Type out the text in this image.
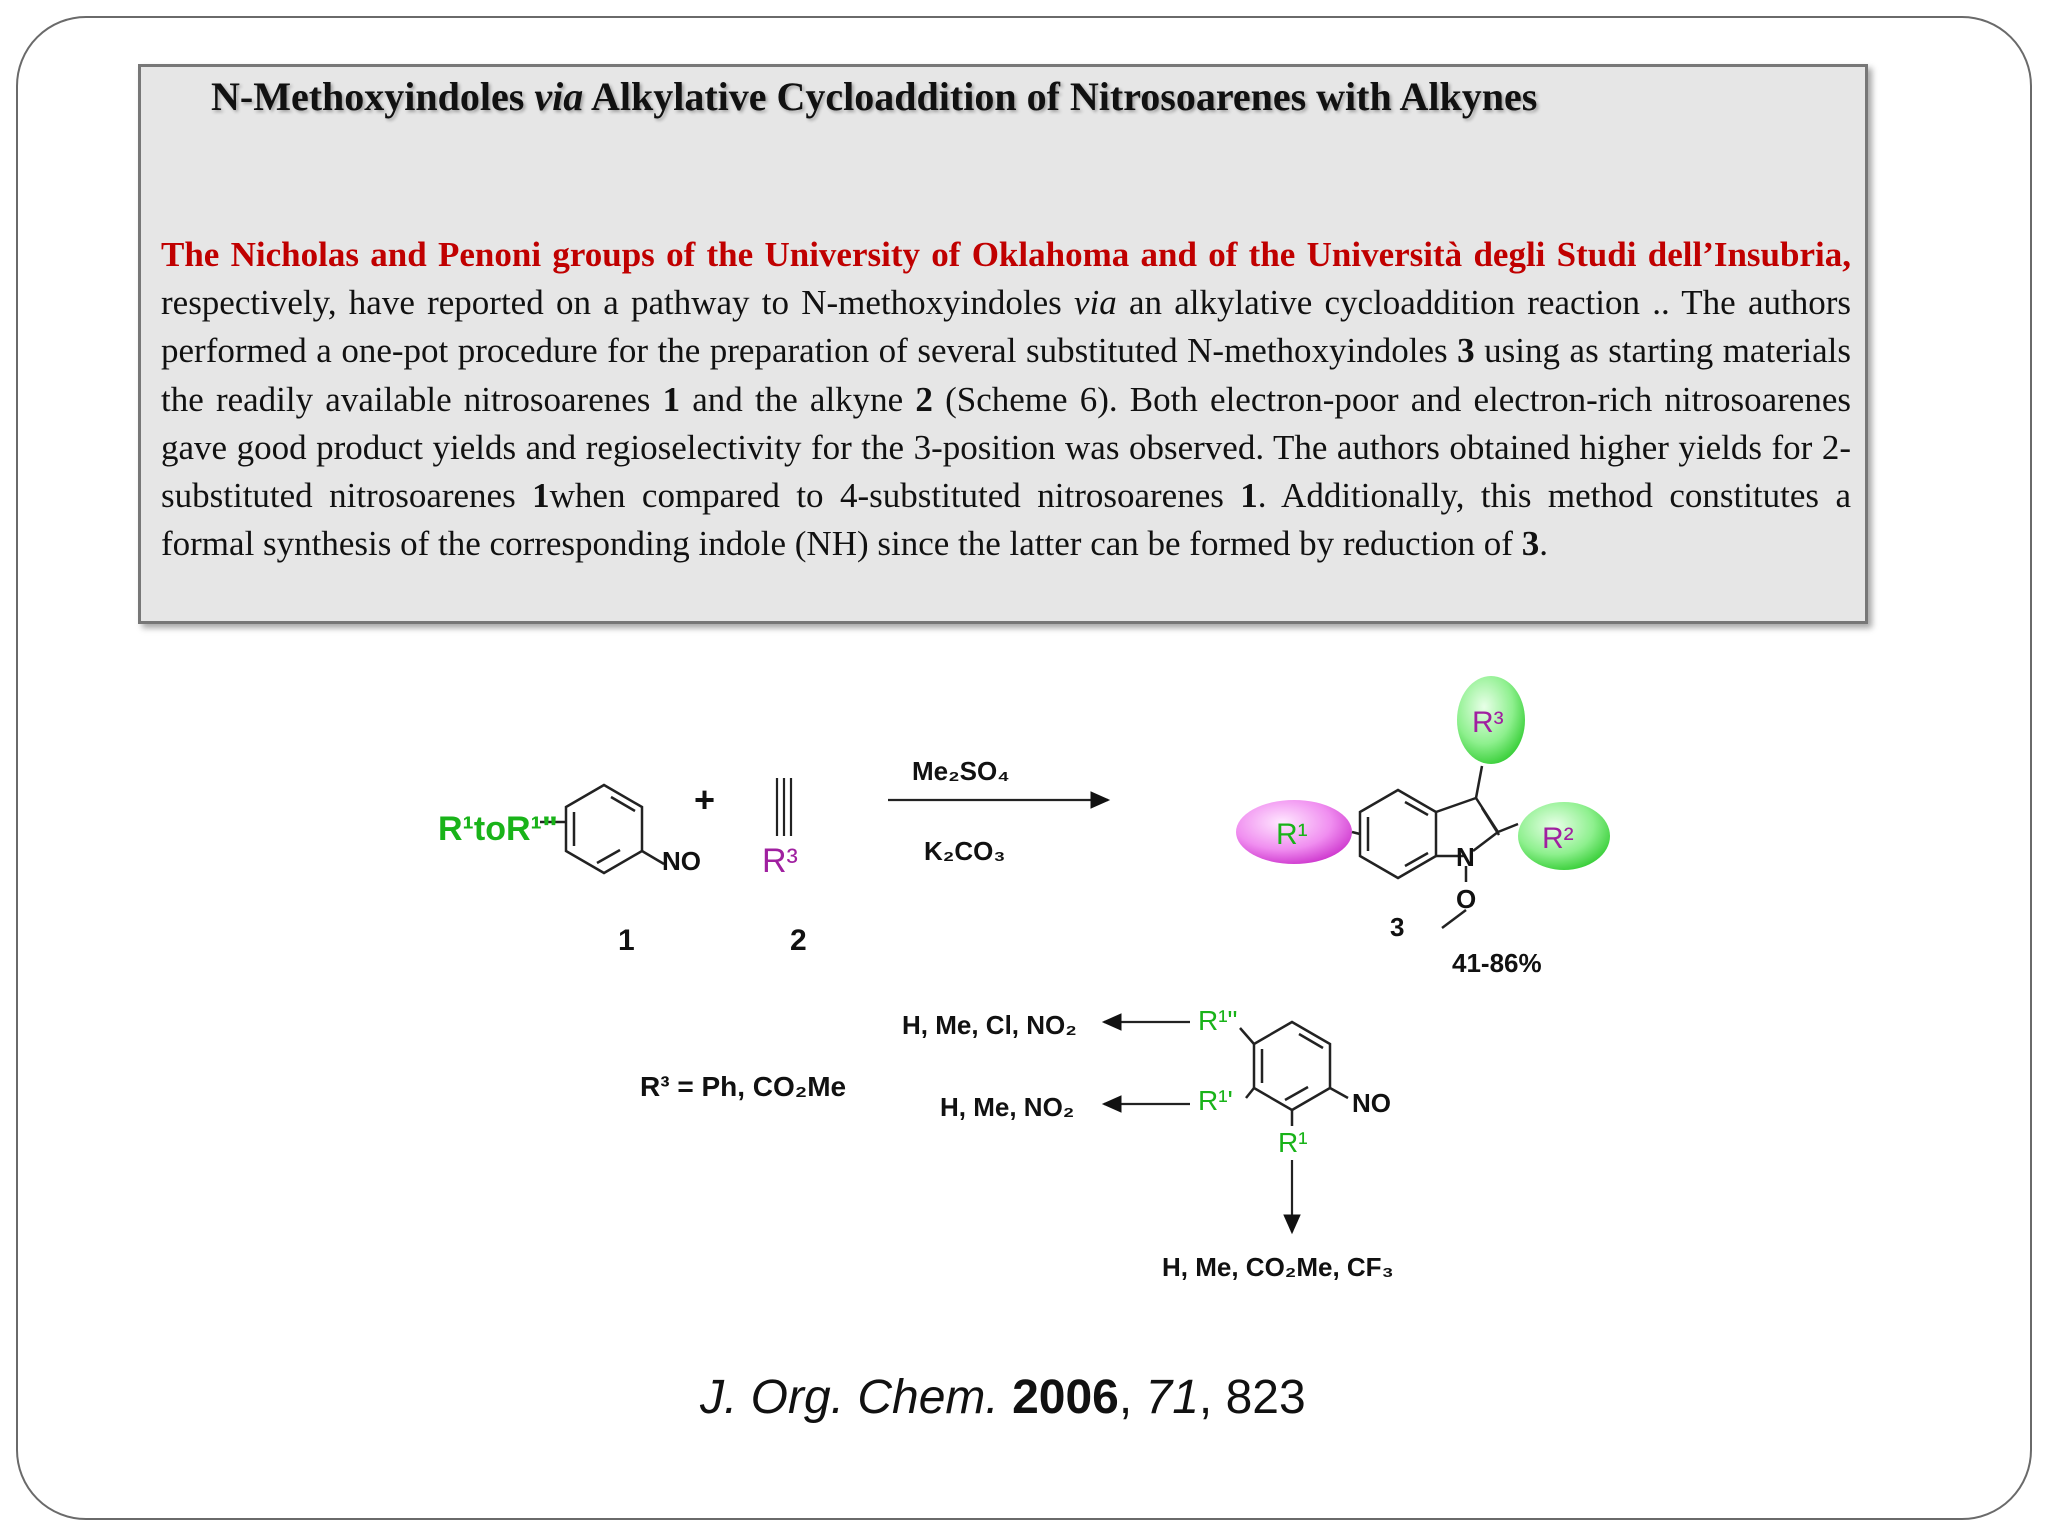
N-Methoxyindoles via Alkylative Cycloaddition of Nitrosoarenes with Alkynes
The Nicholas and Penoni groups of the University of Oklahoma and of the Università degli Studi dell’Insubria, respectively, have reported on a pathway to N-methoxyindoles via an alkylative cycloaddition reaction .. The authors performed a one-pot procedure for the preparation of several substituted N-methoxyindoles 3 using as starting materials the readily available nitrosoarenes 1 and the alkyne 2 (Scheme 6). Both electron-poor and electron-rich nitrosoarenes gave good product yields and regioselectivity for the 3-position was observed. The authors obtained higher yields for 2-substituted nitrosoarenes 1when compared to 4-substituted nitrosoarenes 1. Additionally, this method constitutes a formal synthesis of the corresponding indole (NH) since the latter can be formed by reduction of 3.
R¹toR¹"
NO
+
1
R³
2
Me₂SO₄
K₂CO₃	R¹
R³
R²
N
O
3
41-86%
R³ = Ph, CO₂Me
R¹"
R¹'
R¹
NO
H, Me, Cl, NO₂
H, Me, NO₂
H, Me, CO₂Me, CF₃
J. Org. Chem. 2006, 71, 823
